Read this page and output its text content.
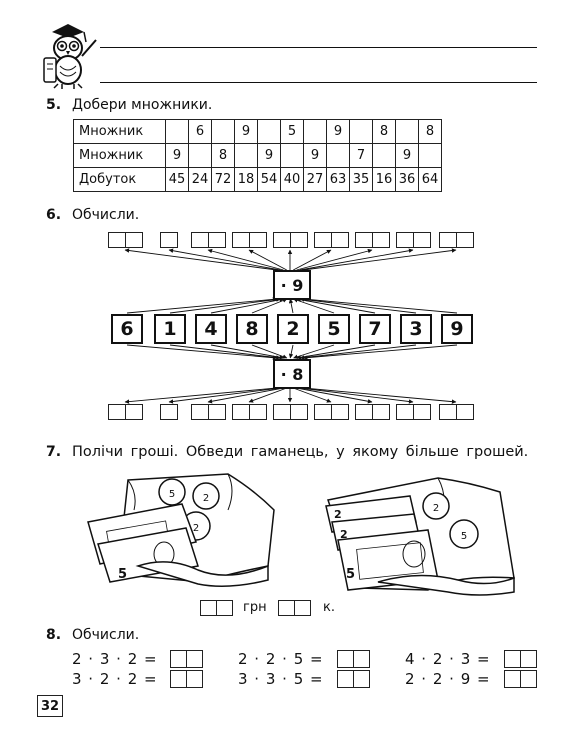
5. Добери множники.
Множник		6		9		5		9		8		8
Множник	9		8		9		9		7		9	
Добуток	45	24	72	18	54	40	27	63	35	16	36	64
6. Обчисли.
· 9
6	1	4	8	2	5	7	3	9
· 8
7. Полічи гроші. Обведи гаманець, у якому більше грошей.
5	2
2
5
2
5
2
2
5
грн	к.
8. Обчисли.
2 · 3 · 2 =	2 · 2 · 5 =	4 · 2 · 3 =
3 · 2 · 2 =	3 · 3 · 5 =	2 · 2 · 9 =
32
